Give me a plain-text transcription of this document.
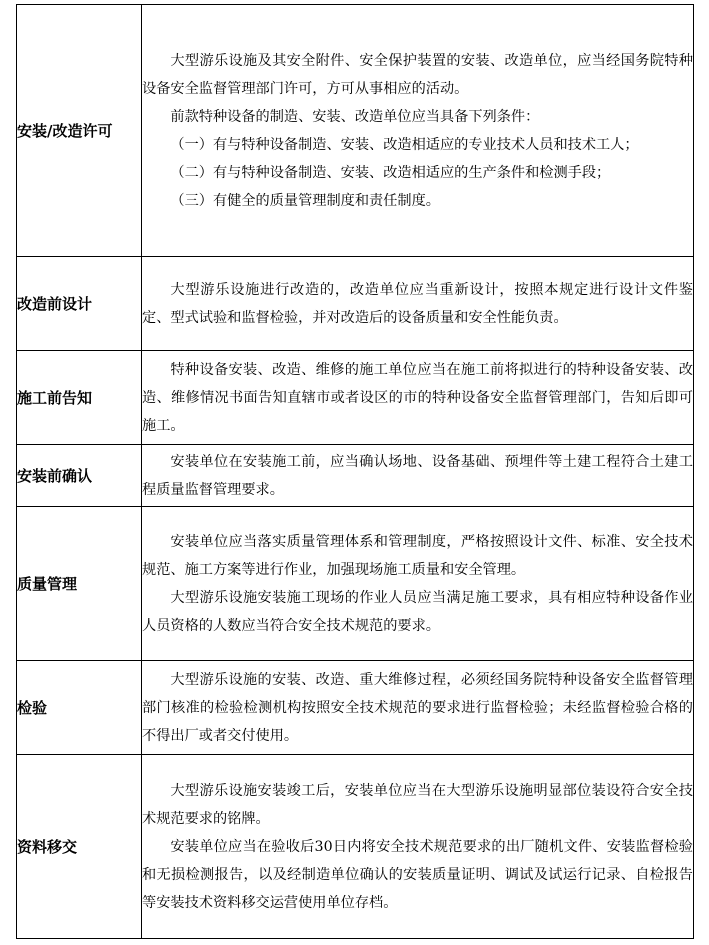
安装/改造许可	大型游乐设施及其安全附件、安全保护装置的安装、改造单位，应当经国务院特种设备安全监督管理部门许可，方可从事相应的活动。

前款特种设备的制造、安装、改造单位应当具备下列条件：

（一）有与特种设备制造、安装、改造相适应的专业技术人员和技术工人；

（二）有与特种设备制造、安装、改造相适应的生产条件和检测手段；

（三）有健全的质量管理制度和责任制度。

改造前设计	大型游乐设施进行改造的，改造单位应当重新设计，按照本规定进行设计文件鉴定、型式试验和监督检验，并对改造后的设备质量和安全性能负责。

施工前告知	特种设备安装、改造、维修的施工单位应当在施工前将拟进行的特种设备安装、改造、维修情况书面告知直辖市或者设区的市的特种设备安全监督管理部门，告知后即可施工。

安装前确认	安装单位在安装施工前，应当确认场地、设备基础、预埋件等土建工程符合土建工程质量监督管理要求。

质量管理	安装单位应当落实质量管理体系和管理制度，严格按照设计文件、标准、安全技术规范、施工方案等进行作业，加强现场施工质量和安全管理。

大型游乐设施安装施工现场的作业人员应当满足施工要求，具有相应特种设备作业人员资格的人数应当符合安全技术规范的要求。

检验	大型游乐设施的安装、改造、重大维修过程，必须经国务院特种设备安全监督管理部门核准的检验检测机构按照安全技术规范的要求进行监督检验；未经监督检验合格的不得出厂或者交付使用。

资料移交	大型游乐设施安装竣工后，安装单位应当在大型游乐设施明显部位装设符合安全技术规范要求的铭牌。

安装单位应当在验收后30日内将安全技术规范要求的出厂随机文件、安装监督检验和无损检测报告，以及经制造单位确认的安装质量证明、调试及试运行记录、自检报告等安装技术资料移交运营使用单位存档。
